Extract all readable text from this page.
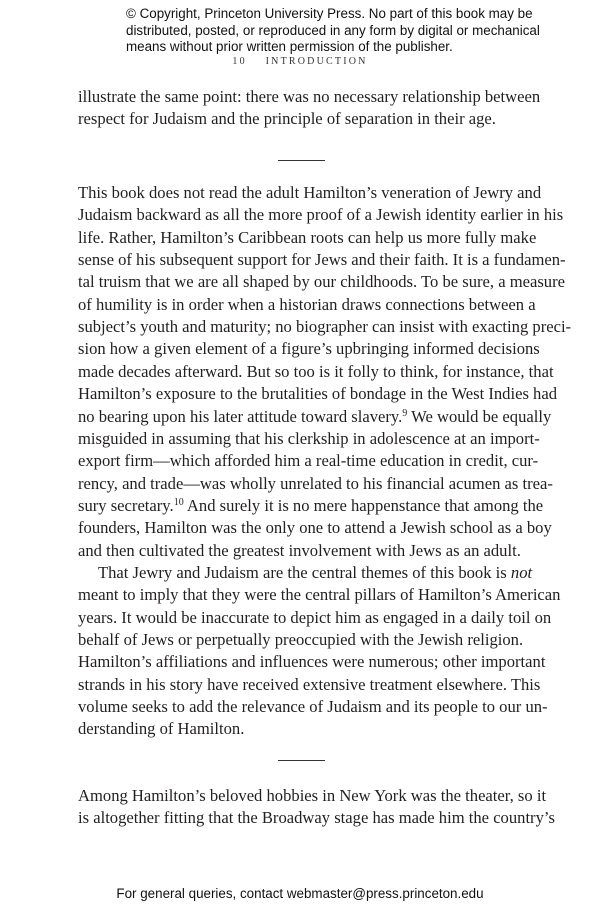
© Copyright, Princeton University Press. No part of this book may be
distributed, posted, or reproduced in any form by digital or mechanical
means without prior written permission of the publisher.
10    INTRODUCTION
illustrate the same point: there was no necessary relationship between
respect for Judaism and the principle of separation in their age.
This book does not read the adult Hamilton’s veneration of Jewry and
Judaism backward as all the more proof of a Jewish identity earlier in his
life. Rather, Hamilton’s Caribbean roots can help us more fully make
sense of his subsequent support for Jews and their faith. It is a fundamen-
tal truism that we are all shaped by our childhoods. To be sure, a measure
of humility is in order when a historian draws connections between a
subject’s youth and maturity; no biographer can insist with exacting preci-
sion how a given element of a figure’s upbringing informed decisions
made decades afterward. But so too is it folly to think, for instance, that
Hamilton’s exposure to the brutalities of bondage in the West Indies had
no bearing upon his later attitude toward slavery.$^9$ We would be equally
misguided in assuming that his clerkship in adolescence at an import-
export firm—which afforded him a real-time education in credit, cur-
rency, and trade—was wholly unrelated to his financial acumen as trea-
sury secretary.$^{10}$ And surely it is no mere happenstance that among the
founders, Hamilton was the only one to attend a Jewish school as a boy
and then cultivated the greatest involvement with Jews as an adult.
That Jewry and Judaism are the central themes of this book is not
meant to imply that they were the central pillars of Hamilton’s American
years. It would be inaccurate to depict him as engaged in a daily toil on
behalf of Jews or perpetually preoccupied with the Jewish religion.
Hamilton’s affiliations and influences were numerous; other important
strands in his story have received extensive treatment elsewhere. This
volume seeks to add the relevance of Judaism and its people to our un-
derstanding of Hamilton.
Among Hamilton’s beloved hobbies in New York was the theater, so it
is altogether fitting that the Broadway stage has made him the country’s
For general queries, contact webmaster@press.princeton.edu
